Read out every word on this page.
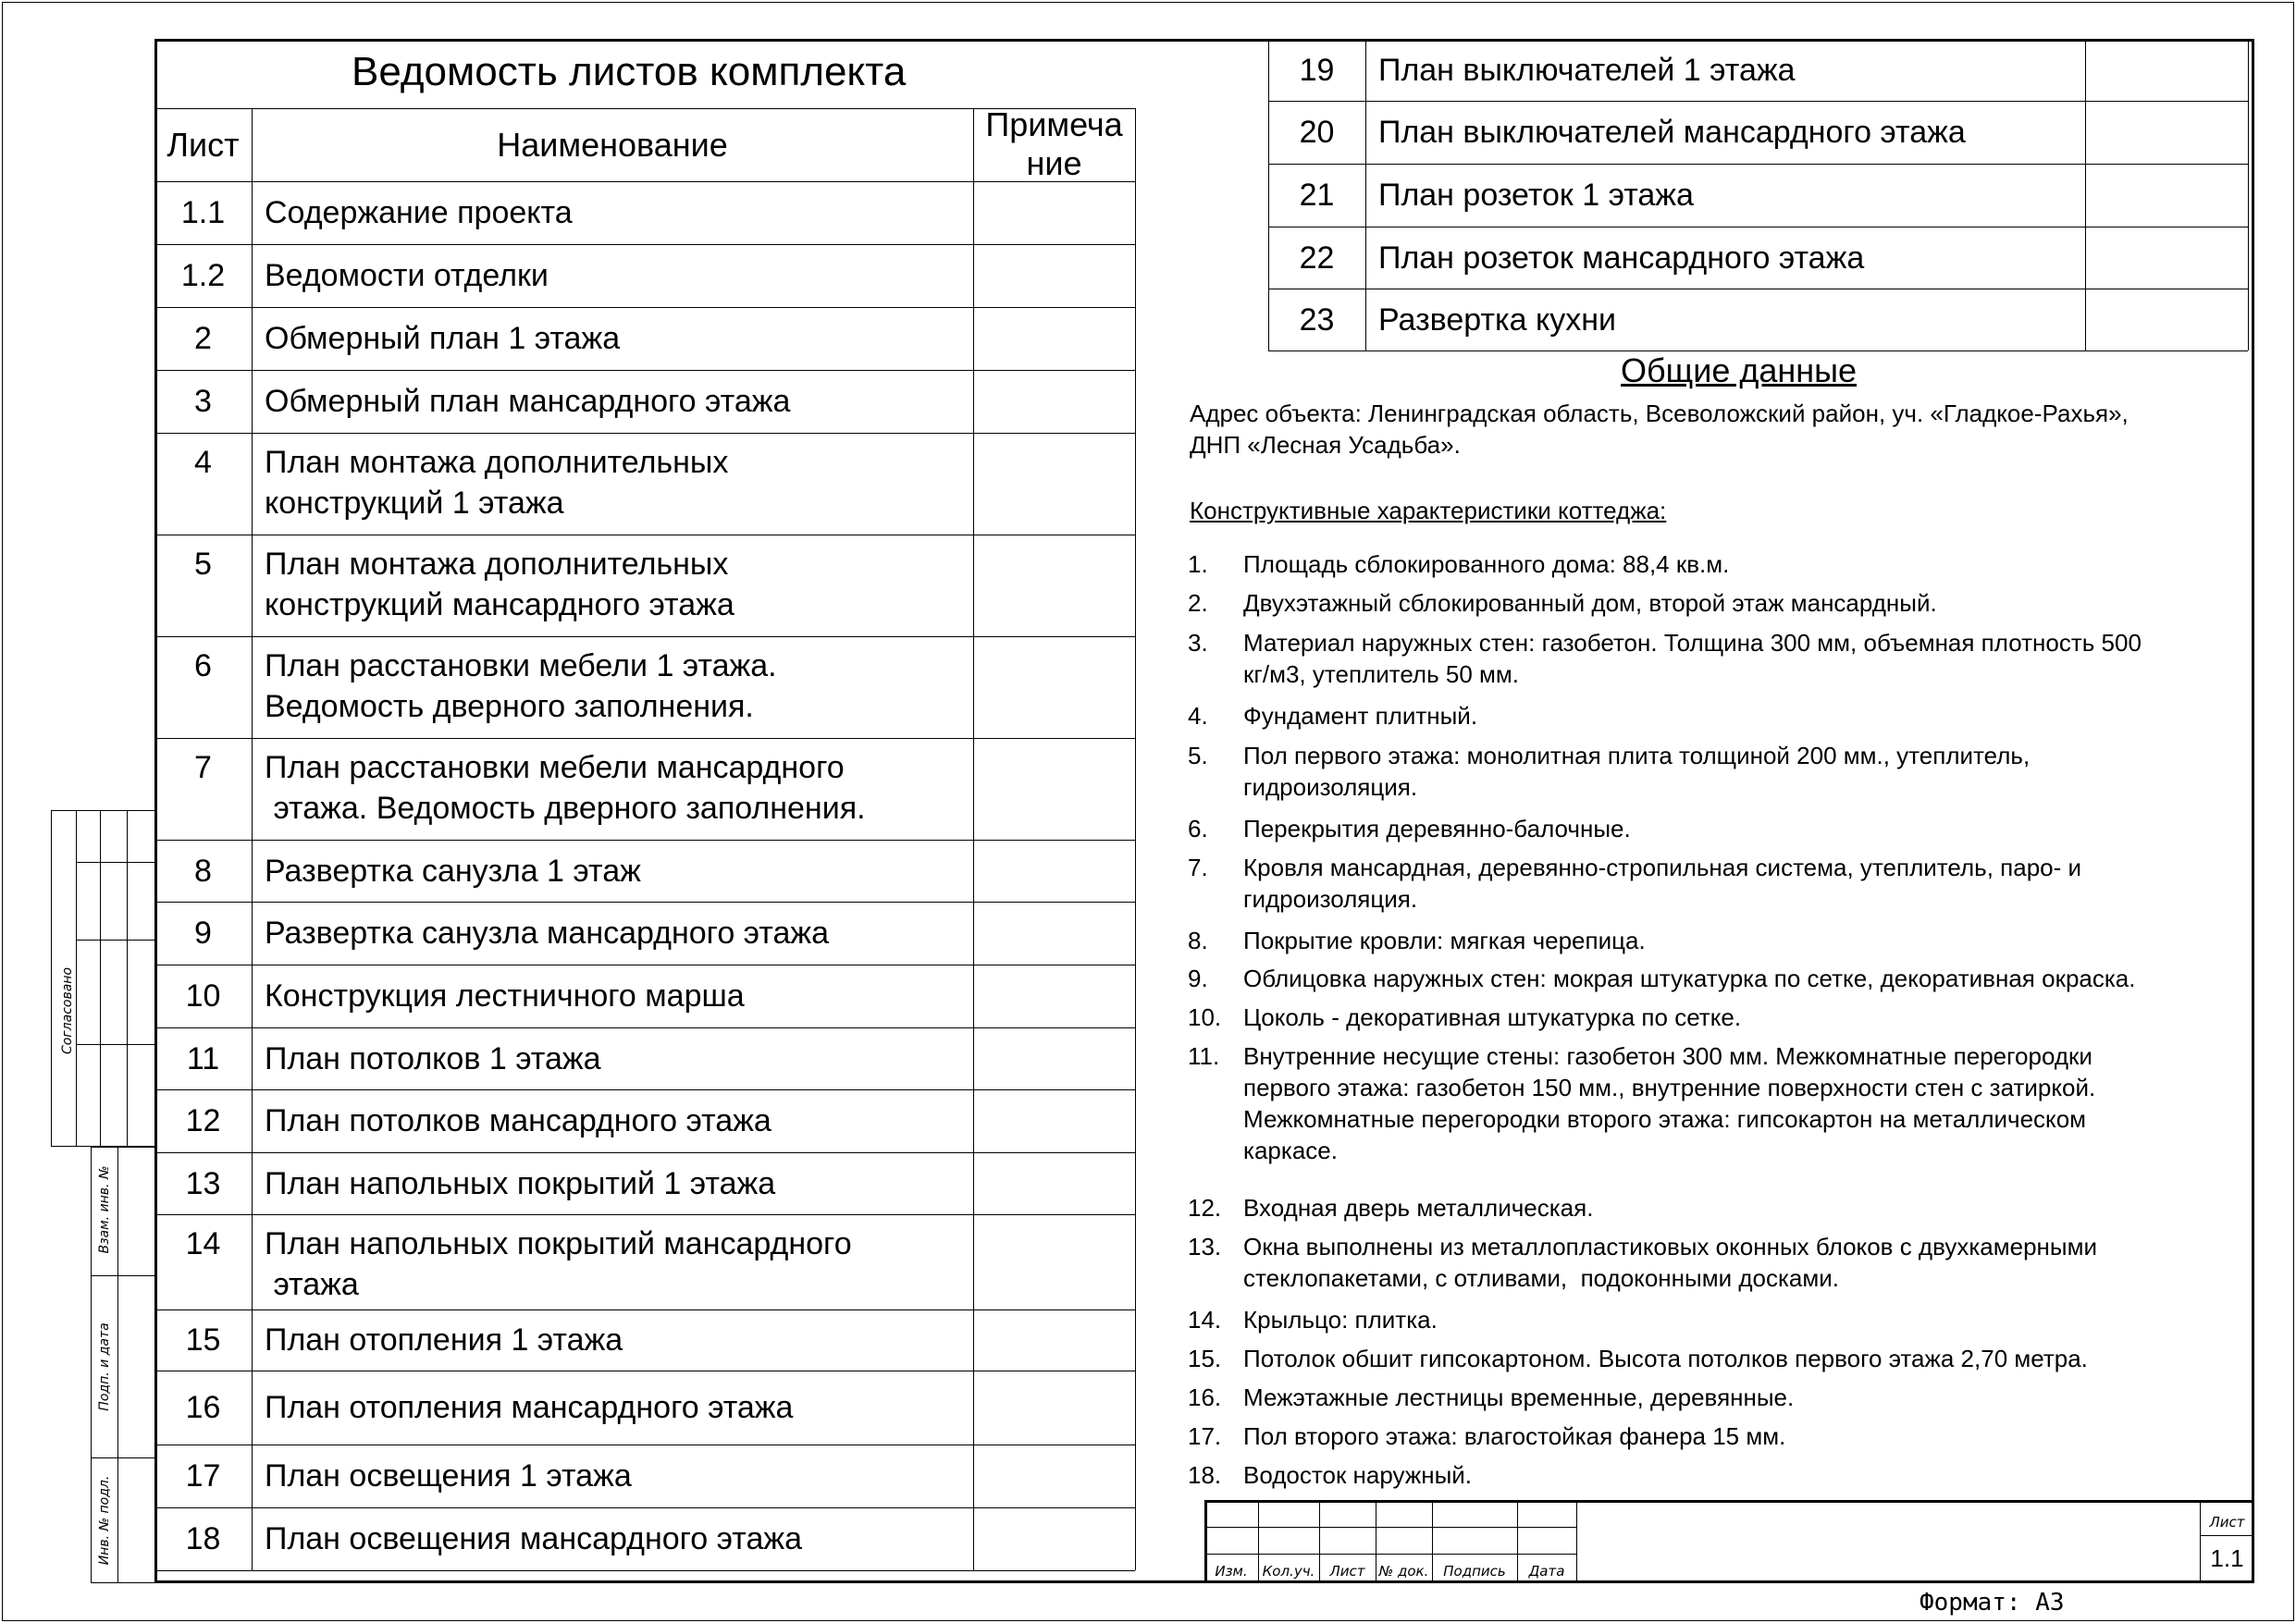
Согласовано
Взам. инв. №
Подп. и дата
Инв. № подл.
Ведомость листов комплекта
Лист	Наименование
Примеча
ние
1.1	Содержание проекта
1.2	Ведомости отделки
2	Обмерный план 1 этажа
3	Обмерный план мансардного этажа
4	План монтажа дополнительных
конструкций 1 этажа
5	План монтажа дополнительных
конструкций мансардного этажа
6	План расстановки мебели 1 этажа.
Ведомость дверного заполнения.
7	План расстановки мебели мансардного
этажа. Ведомость дверного заполнения.
8	Развертка санузла 1 этаж
9	Развертка санузла мансардного этажа
10	Конструкция лестничного марша
11	План потолков 1 этажа
12	План потолков мансардного этажа
13	План напольных покрытий 1 этажа
14	План напольных покрытий мансардного
этажа
15	План отопления 1 этажа
16	План отопления мансардного этажа
17	План освещения 1 этажа
18	План освещения мансардного этажа
19	План выключателей 1 этажа
20	План выключателей мансардного этажа
21	План розеток 1 этажа
22	План розеток мансардного этажа
23	Развертка кухни
Общие данные
Адрес объекта: Ленинградская область, Всеволожский район, уч. «Гладкое-Рахья»,
ДНП «Лесная Усадьба».
Конструктивные характеристики коттеджа:
1. Площадь сблокированного дома: 88,4 кв.м.
2. Двухэтажный сблокированный дом, второй этаж мансардный.
3. Материал наружных стен: газобетон. Толщина 300 мм, объемная плотность 500
кг/м3, утеплитель 50 мм.
4. Фундамент плитный.
5. Пол первого этажа: монолитная плита толщиной 200 мм., утеплитель,
гидроизоляция.
6. Перекрытия деревянно-балочные.
7. Кровля мансардная, деревянно-стропильная система, утеплитель, паро- и
гидроизоляция.
8. Покрытие кровли: мягкая черепица.
9. Облицовка наружных стен: мокрая штукатурка по сетке, декоративная окраска.
10. Цоколь - декоративная штукатурка по сетке.
11. Внутренние несущие стены: газобетон 300 мм. Межкомнатные перегородки
первого этажа: газобетон 150 мм., внутренние поверхности стен с затиркой.
Межкомнатные перегородки второго этажа: гипсокартон на металлическом
каркасе.
12. Входная дверь металлическая.
13. Окна выполнены из металлопластиковых оконных блоков с двухкамерными
стеклопакетами, с отливами,  подоконными досками.
14. Крыльцо: плитка.
15. Потолок обшит гипсокартоном. Высота потолков первого этажа 2,70 метра.
16. Межэтажные лестницы временные, деревянные.
17. Пол второго этажа: влагостойкая фанера 15 мм.
18. Водосток наружный.
Изм.	Кол.уч.	Лист	№ док.	Подпись	Дата
Лист
1.1
Формат: А3
